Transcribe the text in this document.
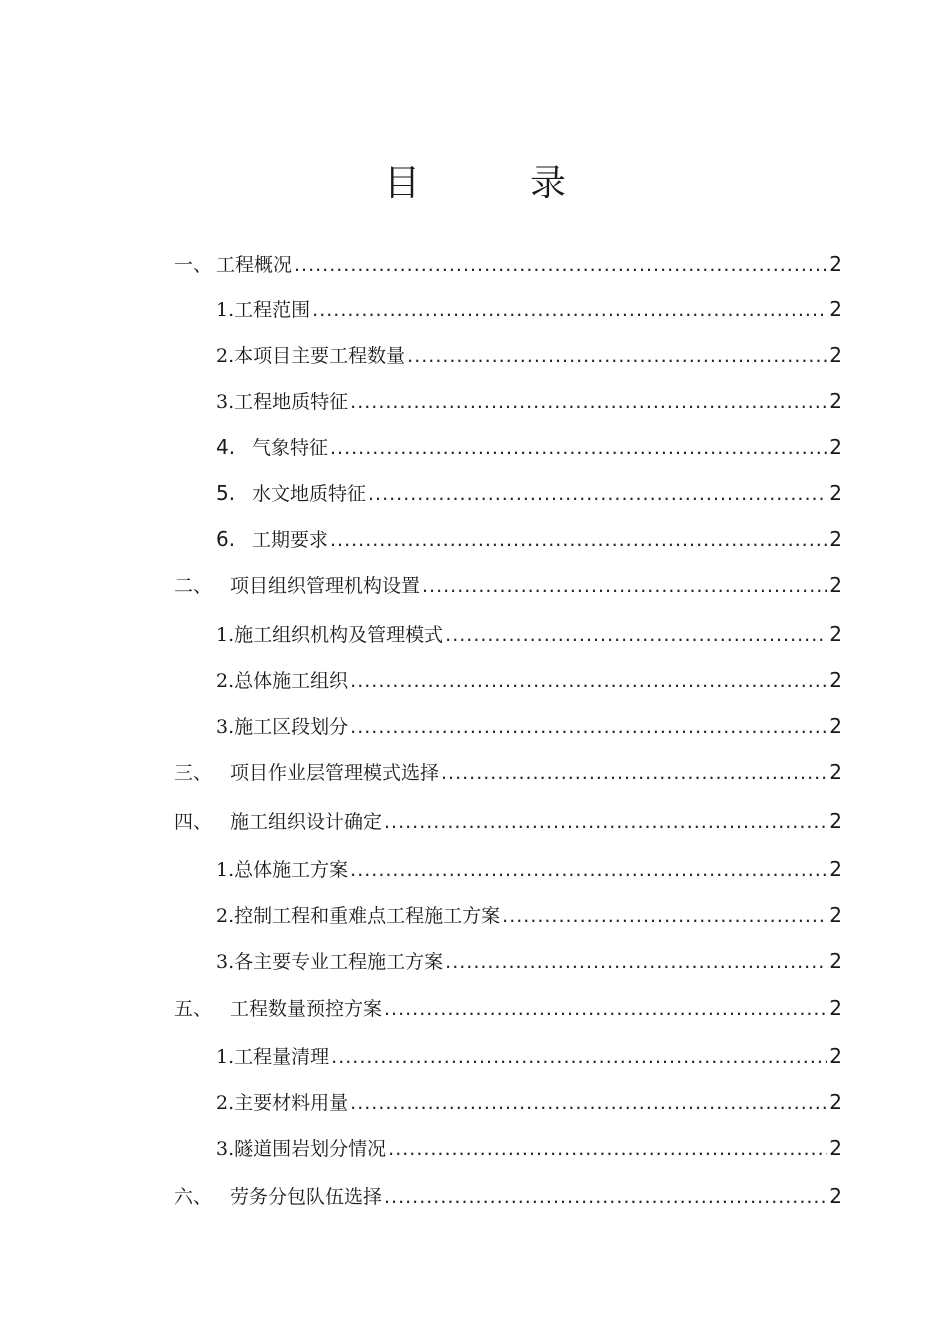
目	录
一、 工程概况 .....	2
1. 工程范围 .....	2
2. 本项目主要工程数量 .....	2
3. 工程地质特征 .....	2
4. 气象特征 .....	2
5. 水文地质特征 .....	2
6. 工期要求 .....	2
二、 项目组织管理机构设置 .....	2
1. 施工组织机构及管理模式 .....	2
2. 总体施工组织 .....	2
3. 施工区段划分 .....	2
三、 项目作业层管理模式选择 .....	2
四、 施工组织设计确定 .....	2
1. 总体施工方案 .....	2
2. 控制工程和重难点工程施工方案 .....	2
3. 各主要专业工程施工方案 .....	2
五、 工程数量预控方案 .....	2
1. 工程量清理 .....	2
2. 主要材料用量 .....	2
3. 隧道围岩划分情况 .....	2
六、 劳务分包队伍选择 .....	2
